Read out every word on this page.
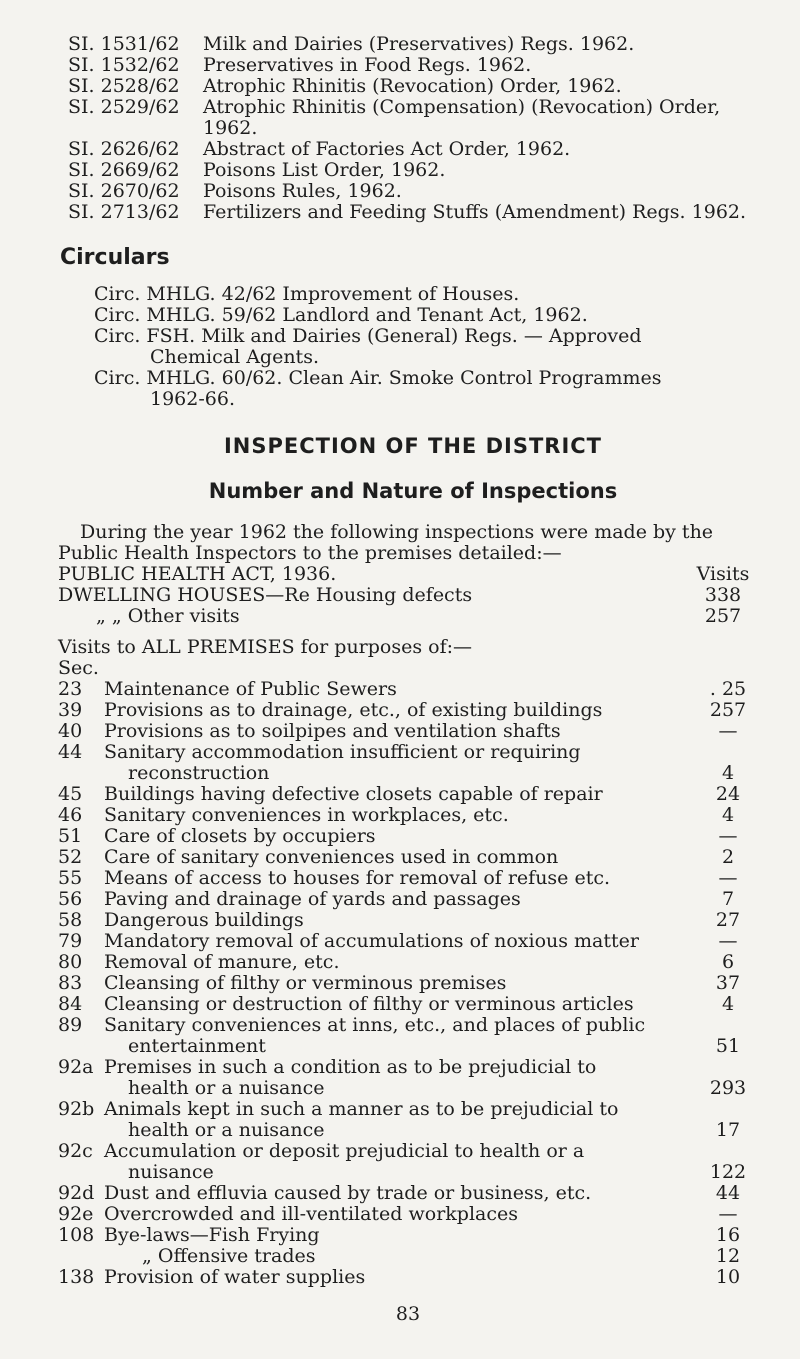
SI. 1531/62	Milk and Dairies (Preservatives) Regs. 1962.
SI. 1532/62	Preservatives in Food Regs. 1962.
SI. 2528/62	Atrophic Rhinitis (Revocation) Order, 1962.
SI. 2529/62	Atrophic Rhinitis (Compensation) (Revocation) Order, 1962.
SI. 2626/62	Abstract of Factories Act Order, 1962.
SI. 2669/62	Poisons List Order, 1962.
SI. 2670/62	Poisons Rules, 1962.
SI. 2713/62	Fertilizers and Feeding Stuffs (Amendment) Regs. 1962.
Circulars
Circ. MHLG. 42/62 Improvement of Houses.
Circ. MHLG. 59/62 Landlord and Tenant Act, 1962.
Circ. FSH. Milk and Dairies (General) Regs. — Approved
Chemical Agents.
Circ. MHLG. 60/62. Clean Air. Smoke Control Programmes
1962-66.
INSPECTION OF THE DISTRICT
Number and Nature of Inspections
During the year 1962 the following inspections were made by the Public Health Inspectors to the premises detailed:—
PUBLIC HEALTH ACT, 1936.	Visits
DWELLING HOUSES—Re Housing defects	338
„ „ Other visits	257
Visits to ALL PREMISES for purposes of:—
Sec.
23	Maintenance of Public Sewers	. 25
39	Provisions as to drainage, etc., of existing buildings	257
40	Provisions as to soilpipes and ventilation shafts	—
44	Sanitary accommodation insufficient or requiring
reconstruction	4
45	Buildings having defective closets capable of repair	24
46	Sanitary conveniences in workplaces, etc.	4
51	Care of closets by occupiers	—
52	Care of sanitary conveniences used in common	2
55	Means of access to houses for removal of refuse etc.	—
56	Paving and drainage of yards and passages	7
58	Dangerous buildings	27
79	Mandatory removal of accumulations of noxious matter	—
80	Removal of manure, etc.	6
83	Cleansing of filthy or verminous premises	37
84	Cleansing or destruction of filthy or verminous articles	4
89	Sanitary conveniences at inns, etc., and places of public
entertainment	51
92a Premises in such a condition as to be prejudicial to
health or a nuisance	293
92b Animals kept in such a manner as to be prejudicial to
health or a nuisance	17
92c Accumulation or deposit prejudicial to health or a
nuisance	122
92d Dust and effluvia caused by trade or business, etc.	44
92e Overcrowded and ill-ventilated workplaces	—
108 Bye-laws—Fish Frying	16
„ Offensive trades	12
138 Provision of water supplies	10
83
